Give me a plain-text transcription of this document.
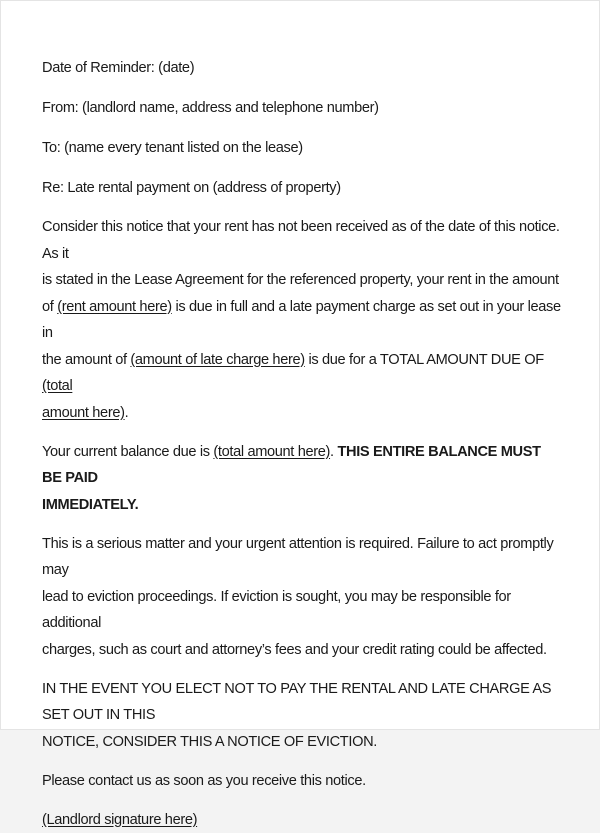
Date of Reminder: (date)

From: (landlord name, address and telephone number)

To: (name every tenant listed on the lease)

Re: Late rental payment on (address of property)

Consider this notice that your rent has not been received as of the date of this notice. As it
is stated in the Lease Agreement for the referenced property, your rent in the amount
of (rent amount here) is due in full and a late payment charge as set out in your lease in
the amount of (amount of late charge here) is due for a TOTAL AMOUNT DUE OF (total
amount here).
Your current balance due is (total amount here). THIS ENTIRE BALANCE MUST BE PAID
IMMEDIATELY.
This is a serious matter and your urgent attention is required. Failure to act promptly may
lead to eviction proceedings. If eviction is sought, you may be responsible for additional
charges, such as court and attorney’s fees and your credit rating could be affected.
IN THE EVENT YOU ELECT NOT TO PAY THE RENTAL AND LATE CHARGE AS SET OUT IN THIS
NOTICE, CONSIDER THIS A NOTICE OF EVICTION.

Please contact us as soon as you receive this notice.

(Landlord signature here)
